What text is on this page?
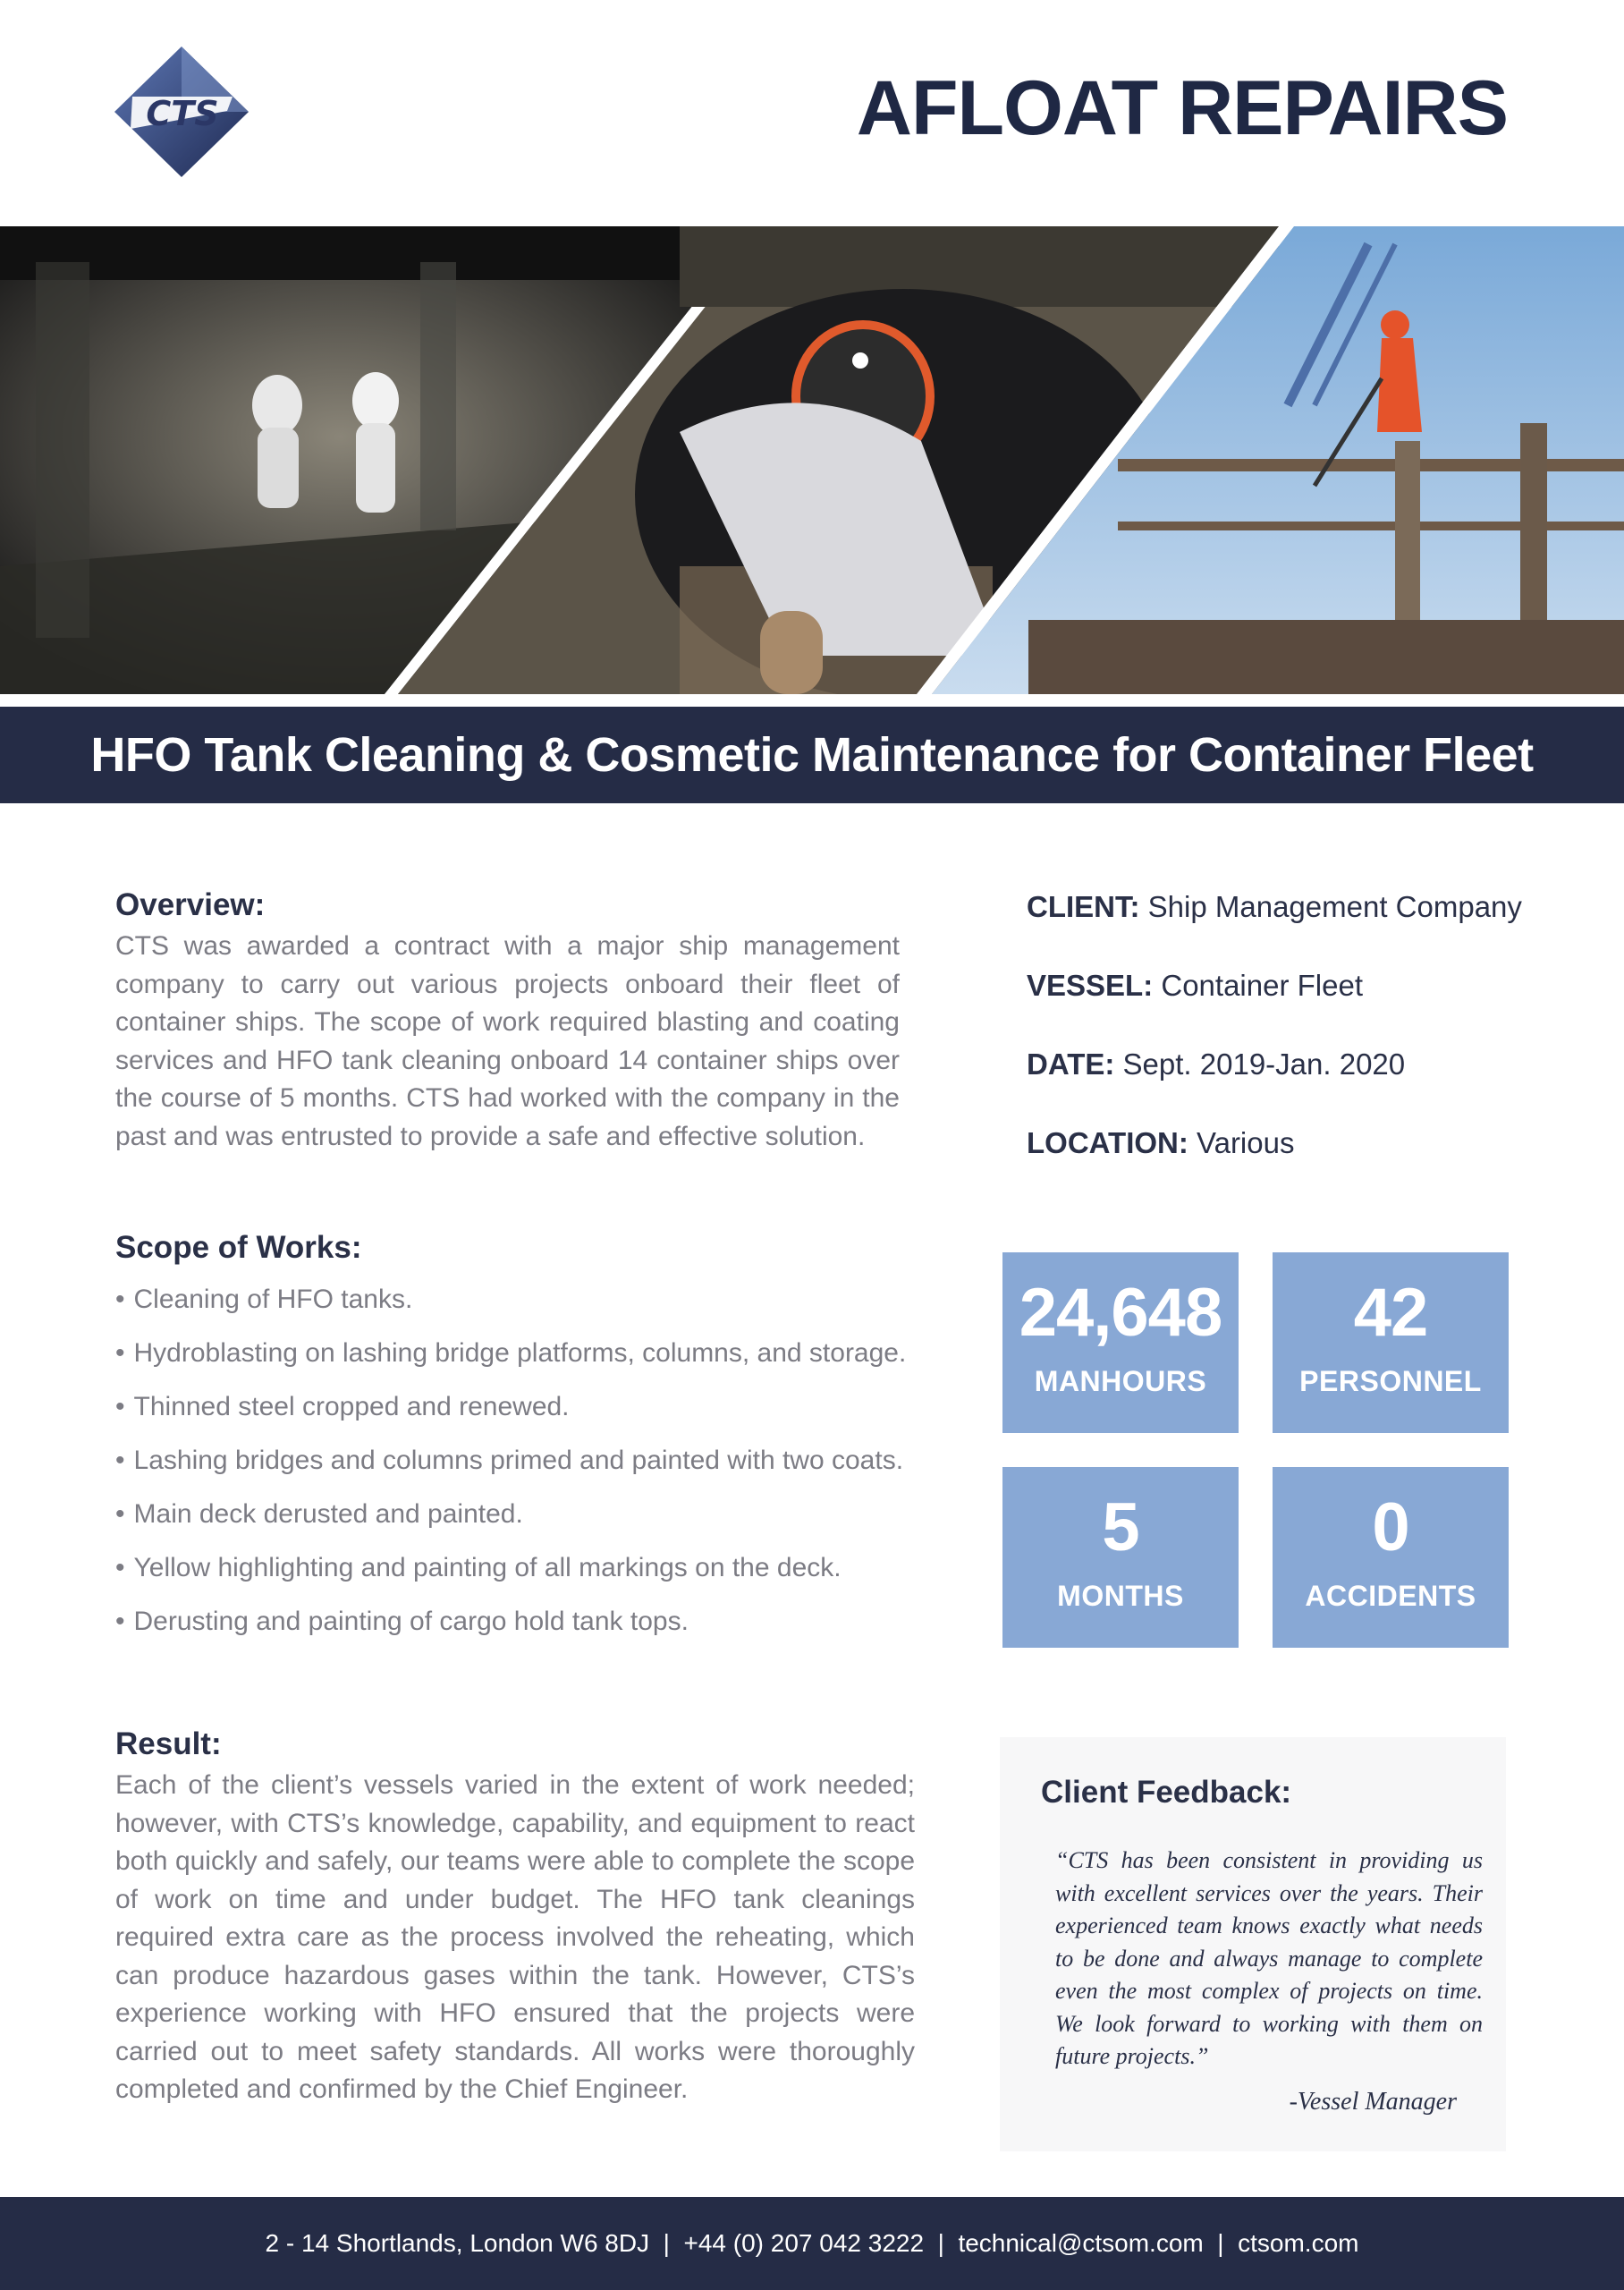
CTS	AFLOAT REPAIRS
HFO Tank Cleaning & Cosmetic Maintenance for Container Fleet
Overview:

CTS was awarded a contract with a major ship management company to carry out various projects onboard their fleet of container ships. The scope of work required blasting and coating services and HFO tank cleaning onboard 14 container ships over the course of 5 months. CTS had worked with the company in the past and was entrusted to provide a safe and effective solution.

Scope of Works:
• Cleaning of HFO tanks.
• Hydroblasting on lashing bridge platforms, columns, and storage.
• Thinned steel cropped and renewed.
• Lashing bridges and columns primed and painted with two coats.
• Main deck derusted and painted.
• Yellow highlighting and painting of all markings on the deck.
• Derusting and painting of cargo hold tank tops.
Result:

Each of the client’s vessels varied in the extent of work needed; however, with CTS’s knowledge, capability, and equipment to react both quickly and safely, our teams were able to complete the scope of work on time and under budget. The HFO tank cleanings required extra care as the process involved the reheating, which can produce hazardous gases within the tank. However, CTS’s experience working with HFO ensured that the projects were carried out to meet safety standards. All works were thoroughly completed and confirmed by the Chief Engineer.

CLIENT: Ship Management Company
VESSEL: Container Fleet
DATE: Sept. 2019-Jan. 2020
LOCATION: Various
24,648
MANHOURS
42
PERSONNEL
5
MONTHS
0
ACCIDENTS
Client Feedback:

“CTS has been consistent in providing us with excellent services over the years. Their experienced team knows exactly what needs to be done and always manage to complete even the most complex of projects on time. We look forward to working with them on future projects.”

-Vessel Manager
2 - 14 Shortlands, London W6 8DJ  |  +44 (0) 207 042 3222  |  technical@ctsom.com  |  ctsom.com
